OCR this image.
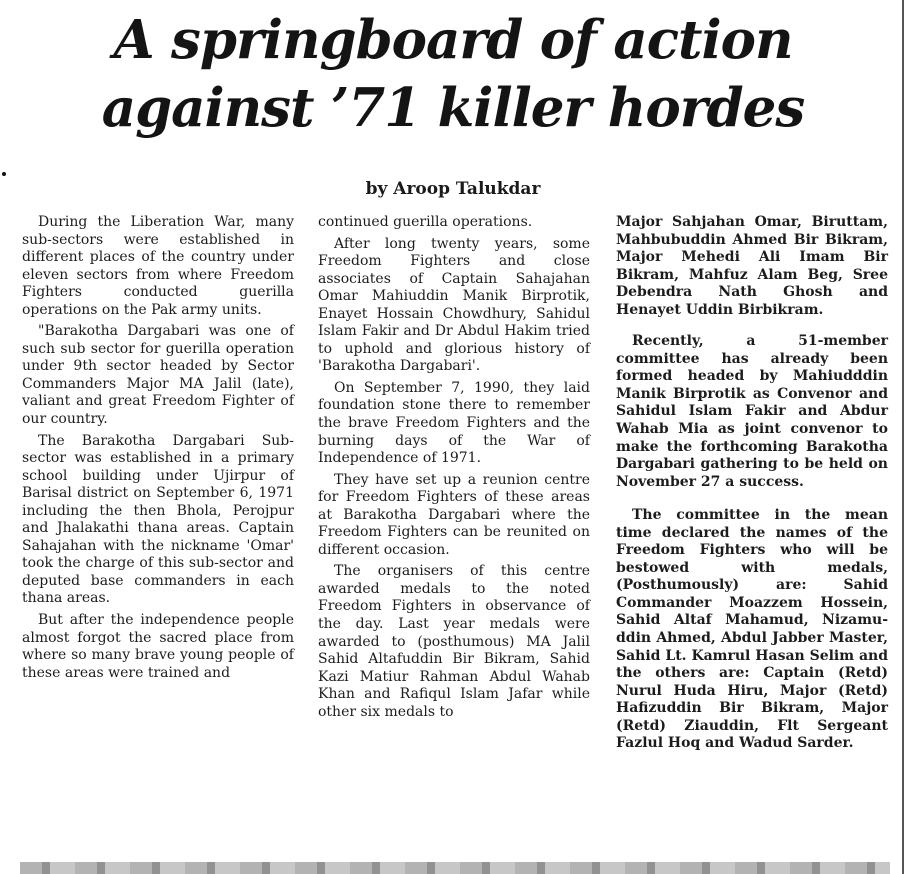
A springboard of action
against ’71 killer hordes
by Aroop Talukdar

During the Liberation War, many sub-sectors were established in different places of the country under eleven sectors from where Freedom Fighters conducted guerilla operations on the Pak army units.

"Barakotha Dargabari was one of such sub sector for guerilla operation under 9th sector headed by Sector Commanders Major MA Jalil (late), valiant and great Freedom Fighter of our country.

The Barakotha Dargabari Sub-sector was established in a primary school building under Ujirpur of Barisal district on September 6, 1971 including the then Bhola, Perojpur and Jhalakathi thana areas. Captain Sahajahan with the nickname 'Omar' took the charge of this sub-sector and deputed base commanders in each thana areas.

But after the independence people almost forgot the sacred place from where so many brave young people of these areas were trained and

continued guerilla operations.

After long twenty years, some Freedom Fighters and close associates of Captain Sahajahan Omar Mahiuddin Manik Birprotik, Enayet Hossain Chowdhury, Sahidul Islam Fakir and Dr Abdul Hakim tried to uphold and glorious history of 'Barakotha Dargabari'.

On September 7, 1990, they laid foundation stone there to remember the brave Freedom Fighters and the burning days of the War of Independence of 1971.

They have set up a reunion centre for Freedom Fighters of these areas at Barakotha Dargabari where the Freedom Fighters can be reunited on different occasion.

The organisers of this centre awarded medals to the noted Freedom Fighters in observance of the day. Last year medals were awarded to (posthumous) MA Jalil Sahid Altafuddin Bir Bikram, Sahid Kazi Matiur Rahman Abdul Wahab Khan and Rafiqul Islam Jafar while other six medals to

Major Sahjahan Omar, Biruttam, Mahbubuddin Ahmed Bir Bikram, Major Mehedi Ali Imam Bir Bikram, Mahfuz Alam Beg, Sree Debendra Nath Ghosh and Henayet Uddin Birbikram.

Recently, a 51-member committee has already been formed headed by Mahiudddin Manik Birprotik as Convenor and Sahidul Islam Fakir and Abdur Wahab Mia as joint convenor to make the forthcoming Barakotha Dargabari gathering to be held on November 27 a success.

The committee in the mean time declared the names of the Freedom Fighters who will be bestowed with medals, (Posthumously) are: Sahid Commander Moazzem Hossein, Sahid Altaf Mahamud, Nizamuddin Ahmed, Abdul Jabber Master, Sahid Lt. Kamrul Hasan Selim and the others are: Captain (Retd) Nurul Huda Hiru, Major (Retd) Hafizuddin Bir Bikram, Major (Retd) Ziauddin, Flt Sergeant Fazlul Hoq and Wadud Sarder.
